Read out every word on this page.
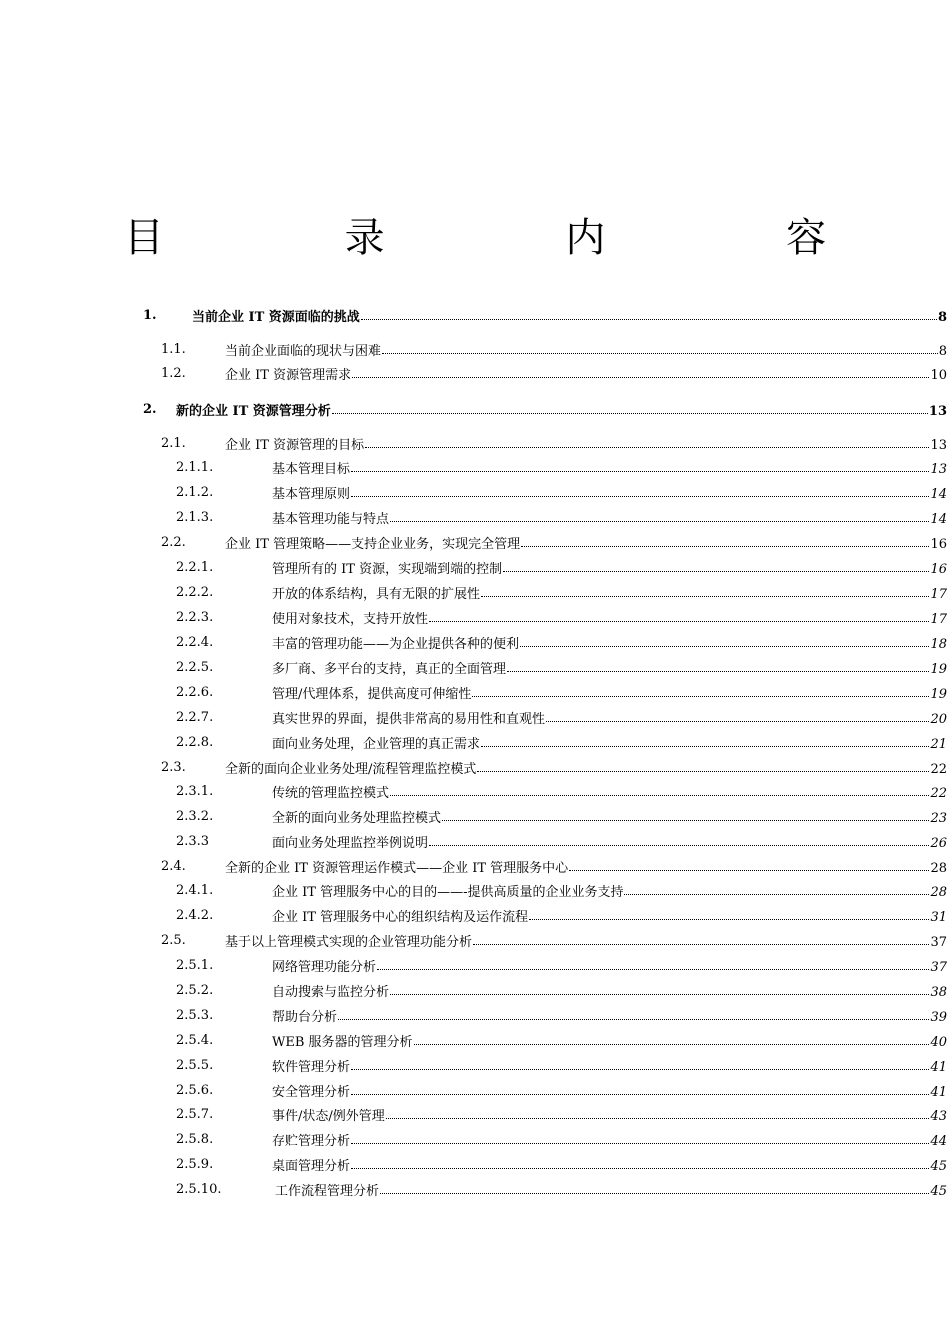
目 录 内 容
1.	当前企业 IT 资源面临的挑战	8
1.1.	当前企业面临的现状与困难	8
1.2.	企业 IT 资源管理需求	10
2. 新的企业 IT 资源管理分析	13
2.1.	企业 IT 资源管理的目标	13
2.1.1.	基本管理目标	13
2.1.2.	基本管理原则	14
2.1.3.	基本管理功能与特点	14
2.2.	企业 IT 管理策略——支持企业业务，实现完全管理	16
2.2.1.	管理所有的 IT 资源，实现端到端的控制	16
2.2.2.	开放的体系结构，具有无限的扩展性	17
2.2.3.	使用对象技术，支持开放性	17
2.2.4.	丰富的管理功能——为企业提供各种的便利	18
2.2.5.	多厂商、多平台的支持，真正的全面管理	19
2.2.6.	管理/代理体系，提供高度可伸缩性	19
2.2.7.	真实世界的界面，提供非常高的易用性和直观性	20
2.2.8.	面向业务处理，企业管理的真正需求	21
2.3.	全新的面向企业业务处理/流程管理监控模式	22
2.3.1.	传统的管理监控模式	22
2.3.2.	全新的面向业务处理监控模式	23
2.3.3	面向业务处理监控举例说明	26
2.4.	全新的企业 IT 资源管理运作模式——企业 IT 管理服务中心	28
2.4.1.	企业 IT 管理服务中心的目的——-提供高质量的企业业务支持	28
2.4.2.	企业 IT 管理服务中心的组织结构及运作流程	31
2.5.	基于以上管理模式实现的企业管理功能分析	37
2.5.1.	网络管理功能分析	37
2.5.2.	自动搜索与监控分析	38
2.5.3.	帮助台分析	39
2.5.4.	WEB 服务器的管理分析	40
2.5.5.	软件管理分析	41
2.5.6.	安全管理分析	41
2.5.7.	事件/状态/例外管理	43
2.5.8.	存贮管理分析	44
2.5.9.	桌面管理分析	45
2.5.10.	工作流程管理分析	45
